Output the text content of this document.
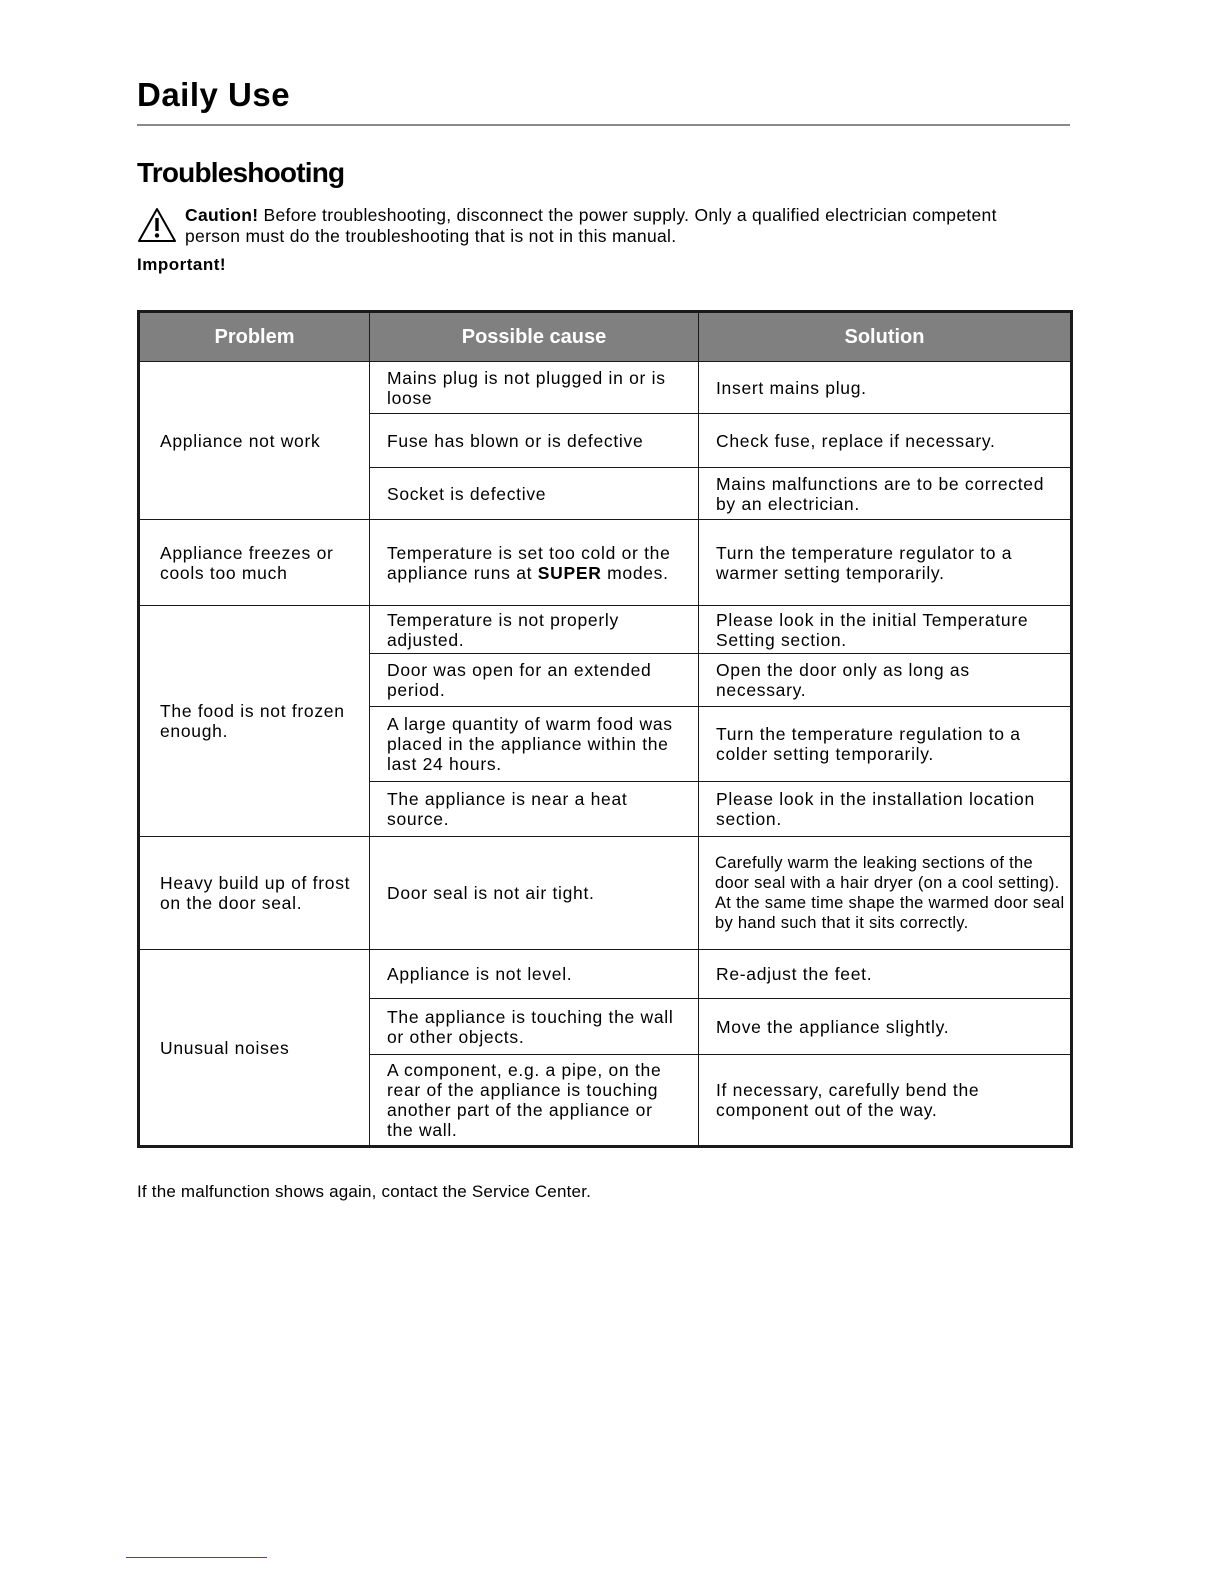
Daily Use
Troubleshooting
Caution! Before troubleshooting, disconnect the power supply. Only a qualified electrician competent person must do the troubleshooting that is not in this manual.
Important!
Problem	Possible cause	Solution
Appliance not work	Mains plug is not plugged in or is loose	Insert mains plug.
	Fuse has blown or is defective	Check fuse, replace if necessary.
	Socket is defective	Mains malfunctions are to be corrected by an electrician.
Appliance freezes or cools too much	Temperature is set too cold or the appliance runs at SUPER modes.	Turn the temperature regulator to a warmer setting temporarily.
The food is not frozen enough.	Temperature is not properly adjusted.	Please look in the initial Temperature Setting section.
	Door was open for an extended period.	Open the door only as long as necessary.
	A large quantity of warm food was placed in the appliance within the last 24 hours.	Turn the temperature regulation to a colder setting temporarily.
	The appliance is near a heat source.	Please look in the installation location section.
Heavy build up of frost on the door seal.	Door seal is not air tight.	Carefully warm the leaking sections of the door seal with a hair dryer (on a cool setting). At the same time shape the warmed door seal by hand such that it sits correctly.
Unusual noises	Appliance is not level.	Re-adjust the feet.
	The appliance is touching the wall or other objects.	Move the appliance slightly.
	A component, e.g. a pipe, on the rear of the appliance is touching another part of the appliance or the wall.	If necessary, carefully bend the component out of the way.
If the malfunction shows again, contact the Service Center.
